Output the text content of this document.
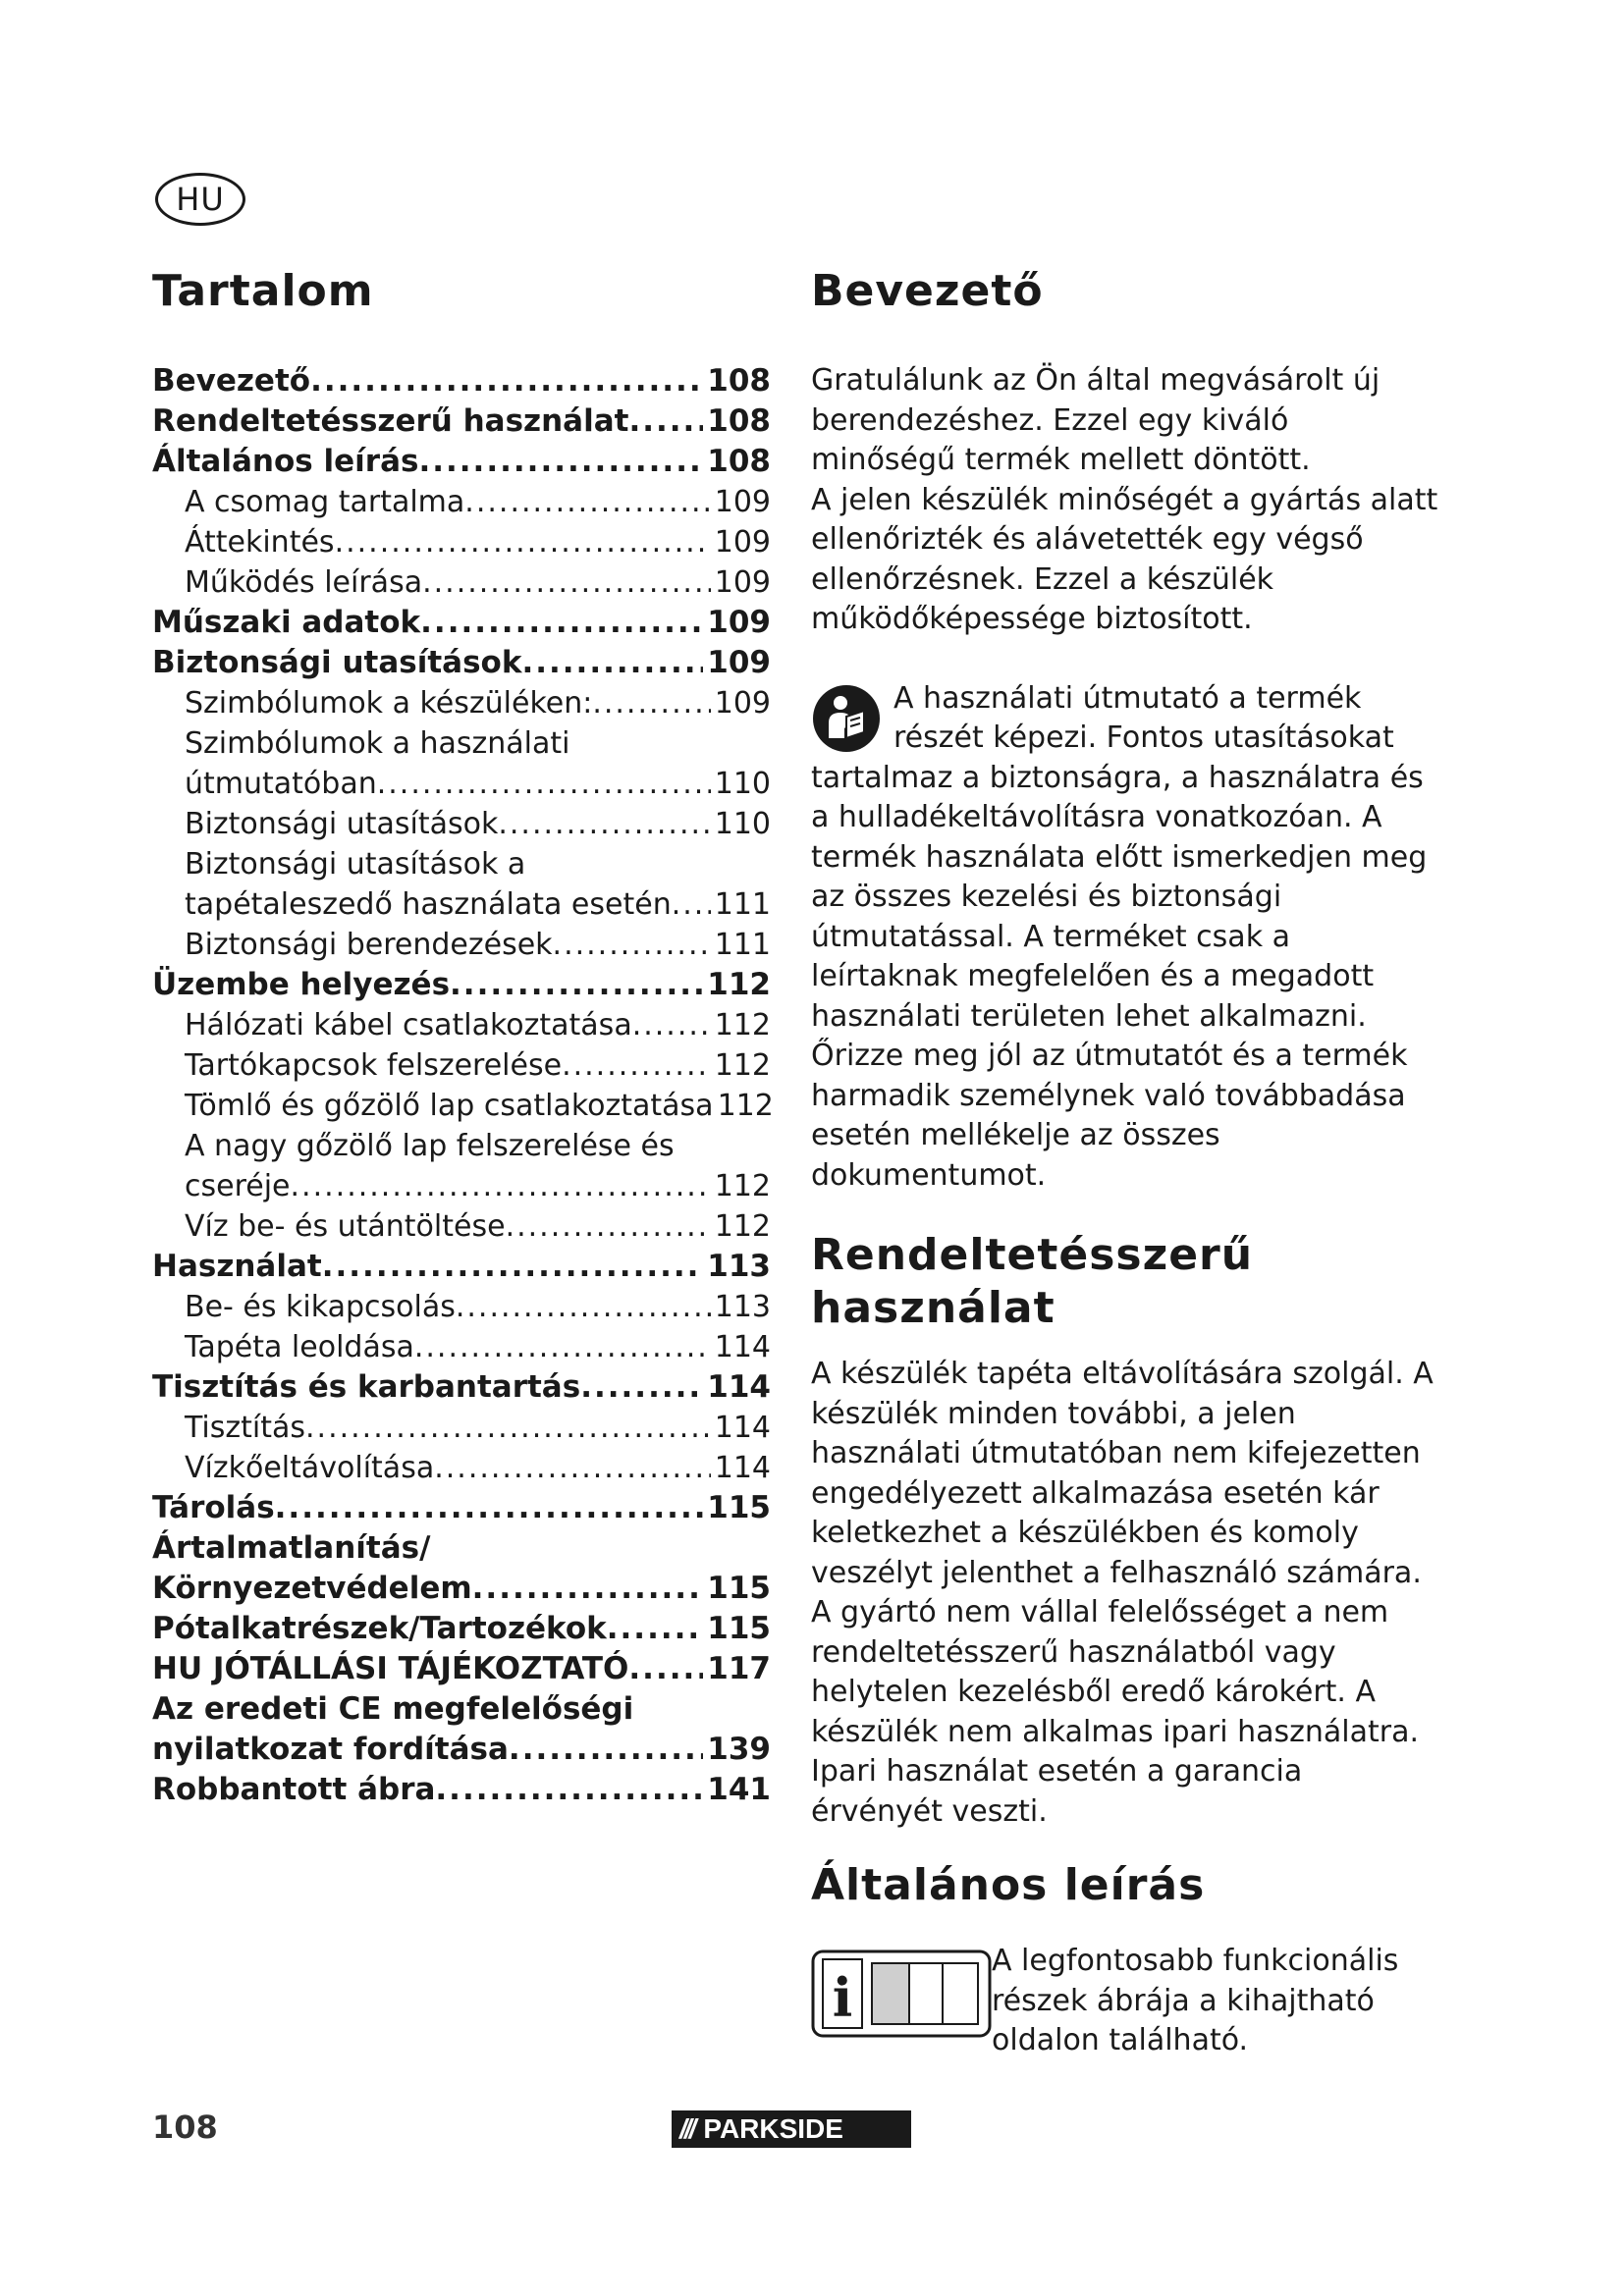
HU
Tartalom
Bevezető .....	108
Rendeltetésszerű használat .....	108
Általános leírás .....	108
A csomag tartalma .....	109
Áttekintés .....	109
Működés leírása .....	109
Műszaki adatok .....	109
Biztonsági utasítások .....	109
Szimbólumok a készüléken: .....	109
Szimbólumok a használati
útmutatóban .....	110
Biztonsági utasítások .....	110
Biztonsági utasítások a
tapétaleszedő használata esetén ..... 111
Biztonsági berendezések .....	111
Üzembe helyezés .....	112
Hálózati kábel csatlakoztatása .....	112
Tartókapcsok felszerelése .....	112
Tömlő és gőzölő lap csatlakoztatása 112
A nagy gőzölő lap felszerelése és
cseréje .....	112
Víz be- és utántöltése .....	112
Használat .....	113
Be- és kikapcsolás .....	113
Tapéta leoldása .....	114
Tisztítás és karbantartás .....	114
Tisztítás .....	114
Vízkőeltávolítása .....	114
Tárolás .....	115
Ártalmatlanítás/
Környezetvédelem .....	115
Pótalkatrészek/Tartozékok .....	115
HU JÓTÁLLÁSI TÁJÉKOZTATÓ .....	117
Az eredeti CE megfelelőségi
nyilatkozat fordítása .....	139
Robbantott ábra .....	141
Bevezető

Gratulálunk az Ön által megvásárolt új berendezéshez. Ezzel egy kiváló minőségű termék mellett döntött.

A jelen készülék minőségét a gyártás alatt ellenőrizték és alávetették egy végső ellenőrzésnek. Ezzel a készülék működőképessége biztosított.

A használati útmutató a termék részét képezi. Fontos utasításokat tartalmaz a biztonságra, a használatra és a hulladékeltávolításra vonatkozóan. A termék használata előtt ismerkedjen meg az összes kezelési és biztonsági útmutatással. A terméket csak a leírtaknak megfelelően és a megadott használati területen lehet alkalmazni. Őrizze meg jól az útmutatót és a termék harmadik személynek való továbbadása esetén mellékelje az összes dokumentumot.

Rendeltetésszerű
használat

A készülék tapéta eltávolítására szolgál. A készülék minden további, a jelen használati útmutatóban nem kifejezetten engedélyezett alkalmazása esetén kár keletkezhet a készülékben és komoly veszélyt jelenthet a felhasználó számára.

A gyártó nem vállal felelősséget a nem rendeltetésszerű használatból vagy helytelen kezelésből eredő károkért. A készülék nem alkalmas ipari használatra. Ipari használat esetén a garancia érvényét veszti.

Általános leírás
i

A legfontosabb funkcionális részek ábrája a kihajtható oldalon található.

108	/// PARKSIDE
